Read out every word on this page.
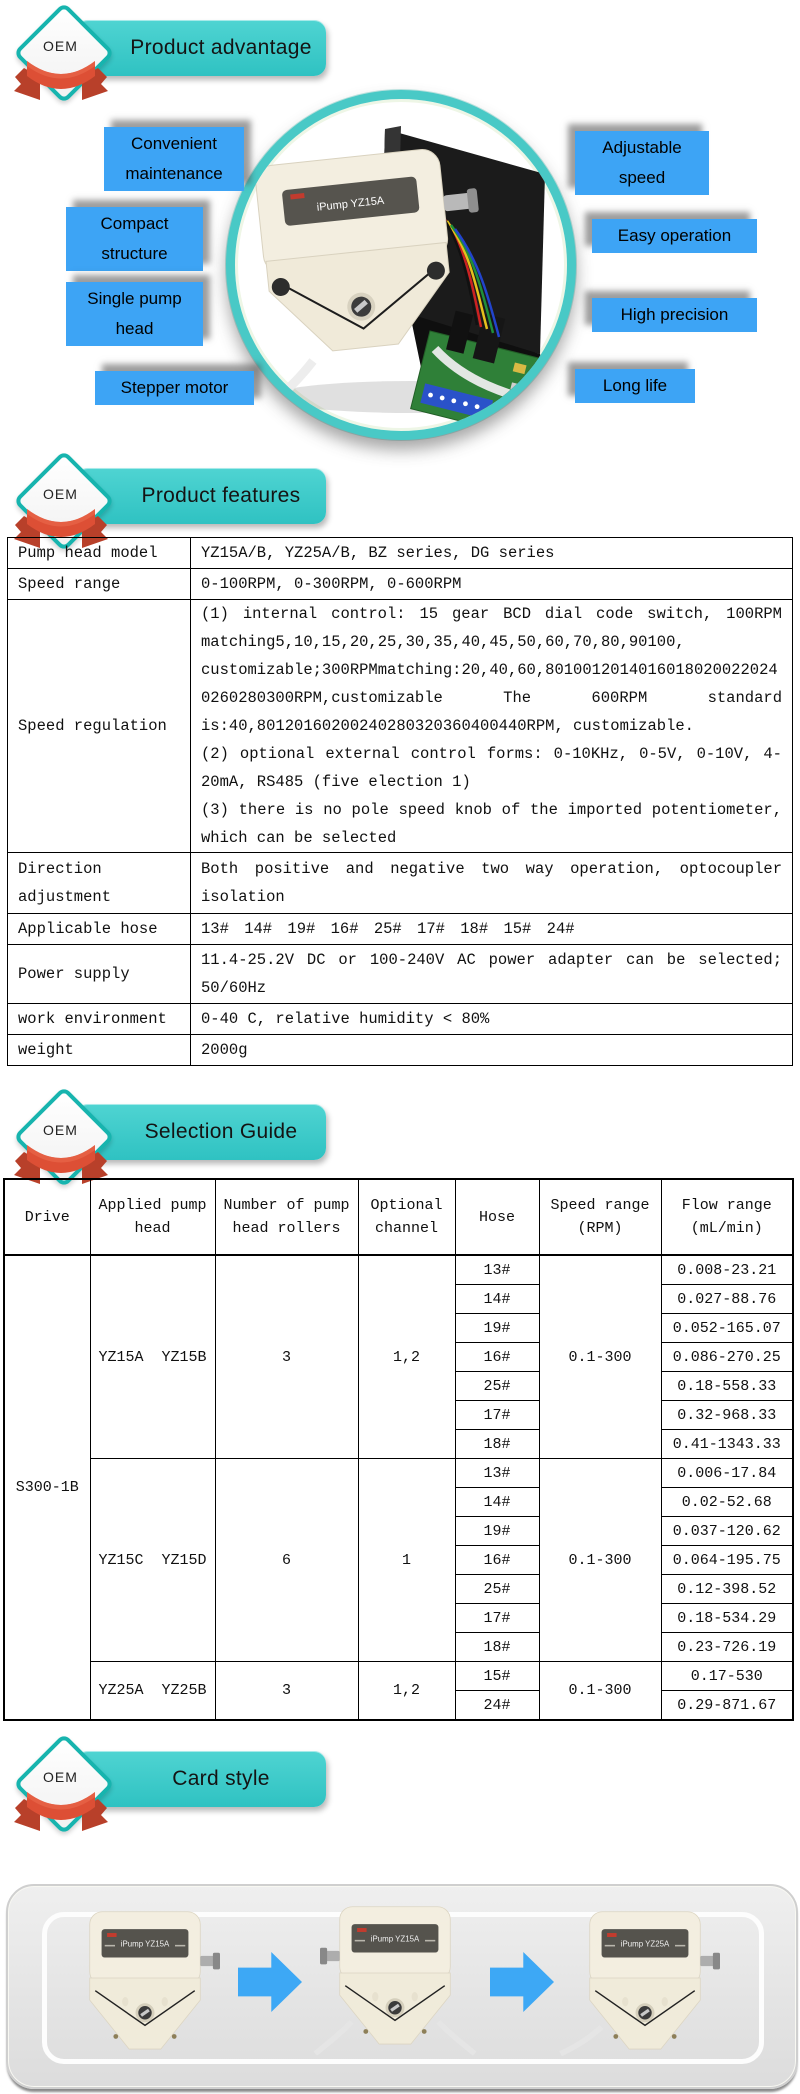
Product advantage
OEM
iPump YZ15A
Convenient maintenance
Compact structure
Single pump head
Stepper motor
Adjustable speed
Easy operation
High precision
Long life
Product features
OEM
Pump head model	YZ15A/B, YZ25A/B, BZ series, DG series
Speed range	0-100RPM, 0-300RPM, 0-600RPM
Speed regulation	(1) internal control: 15 gear BCD dial code switch, 100RPM matching5,10,15,20,25,30,35,40,45,50,60,70,80,90100, customizable;300RPMmatching:20,40,60,80100120140160180200220240260280300RPM,customizable The 600RPM standard is:40,80120160200240280320360400440RPM, customizable.

(2) optional external control forms: 0-10KHz, 0-5V, 0-10V, 4-20mA, RS485 (five election 1)

(3) there is no pole speed knob of the imported potentiometer, which can be selected

Direction adjustment	Both positive and negative two way operation, optocoupler isolation
Applicable hose	13# 14# 19# 16# 25# 17# 18# 15# 24#
Power supply	11.4-25.2V DC or 100-240V AC power adapter can be selected; 50/60Hz
work environment	0-40 C, relative humidity < 80%
weight	2000g
Selection Guide
OEM
Drive	Applied pump head	Number of pump head rollers	Optional channel	Hose	Speed range (RPM)	Flow range (mL/min)
S300-1B	YZ15A  YZ15B	3	1,2	13#	0.1-300	0.008-23.21
				14#		0.027-88.76
				19#		0.052-165.07
				16#		0.086-270.25
				25#		0.18-558.33
				17#		0.32-968.33
				18#		0.41-1343.33
	YZ15C  YZ15D	6	1	13#	0.1-300	0.006-17.84
				14#		0.02-52.68
				19#		0.037-120.62
				16#		0.064-195.75
				25#		0.12-398.52
				17#		0.18-534.29
				18#		0.23-726.19
	YZ25A  YZ25B	3	1,2	15#	0.1-300	0.17-530
				24#		0.29-871.67
Card style
OEM
iPump YZ15A
iPump YZ15A
iPump YZ25A
